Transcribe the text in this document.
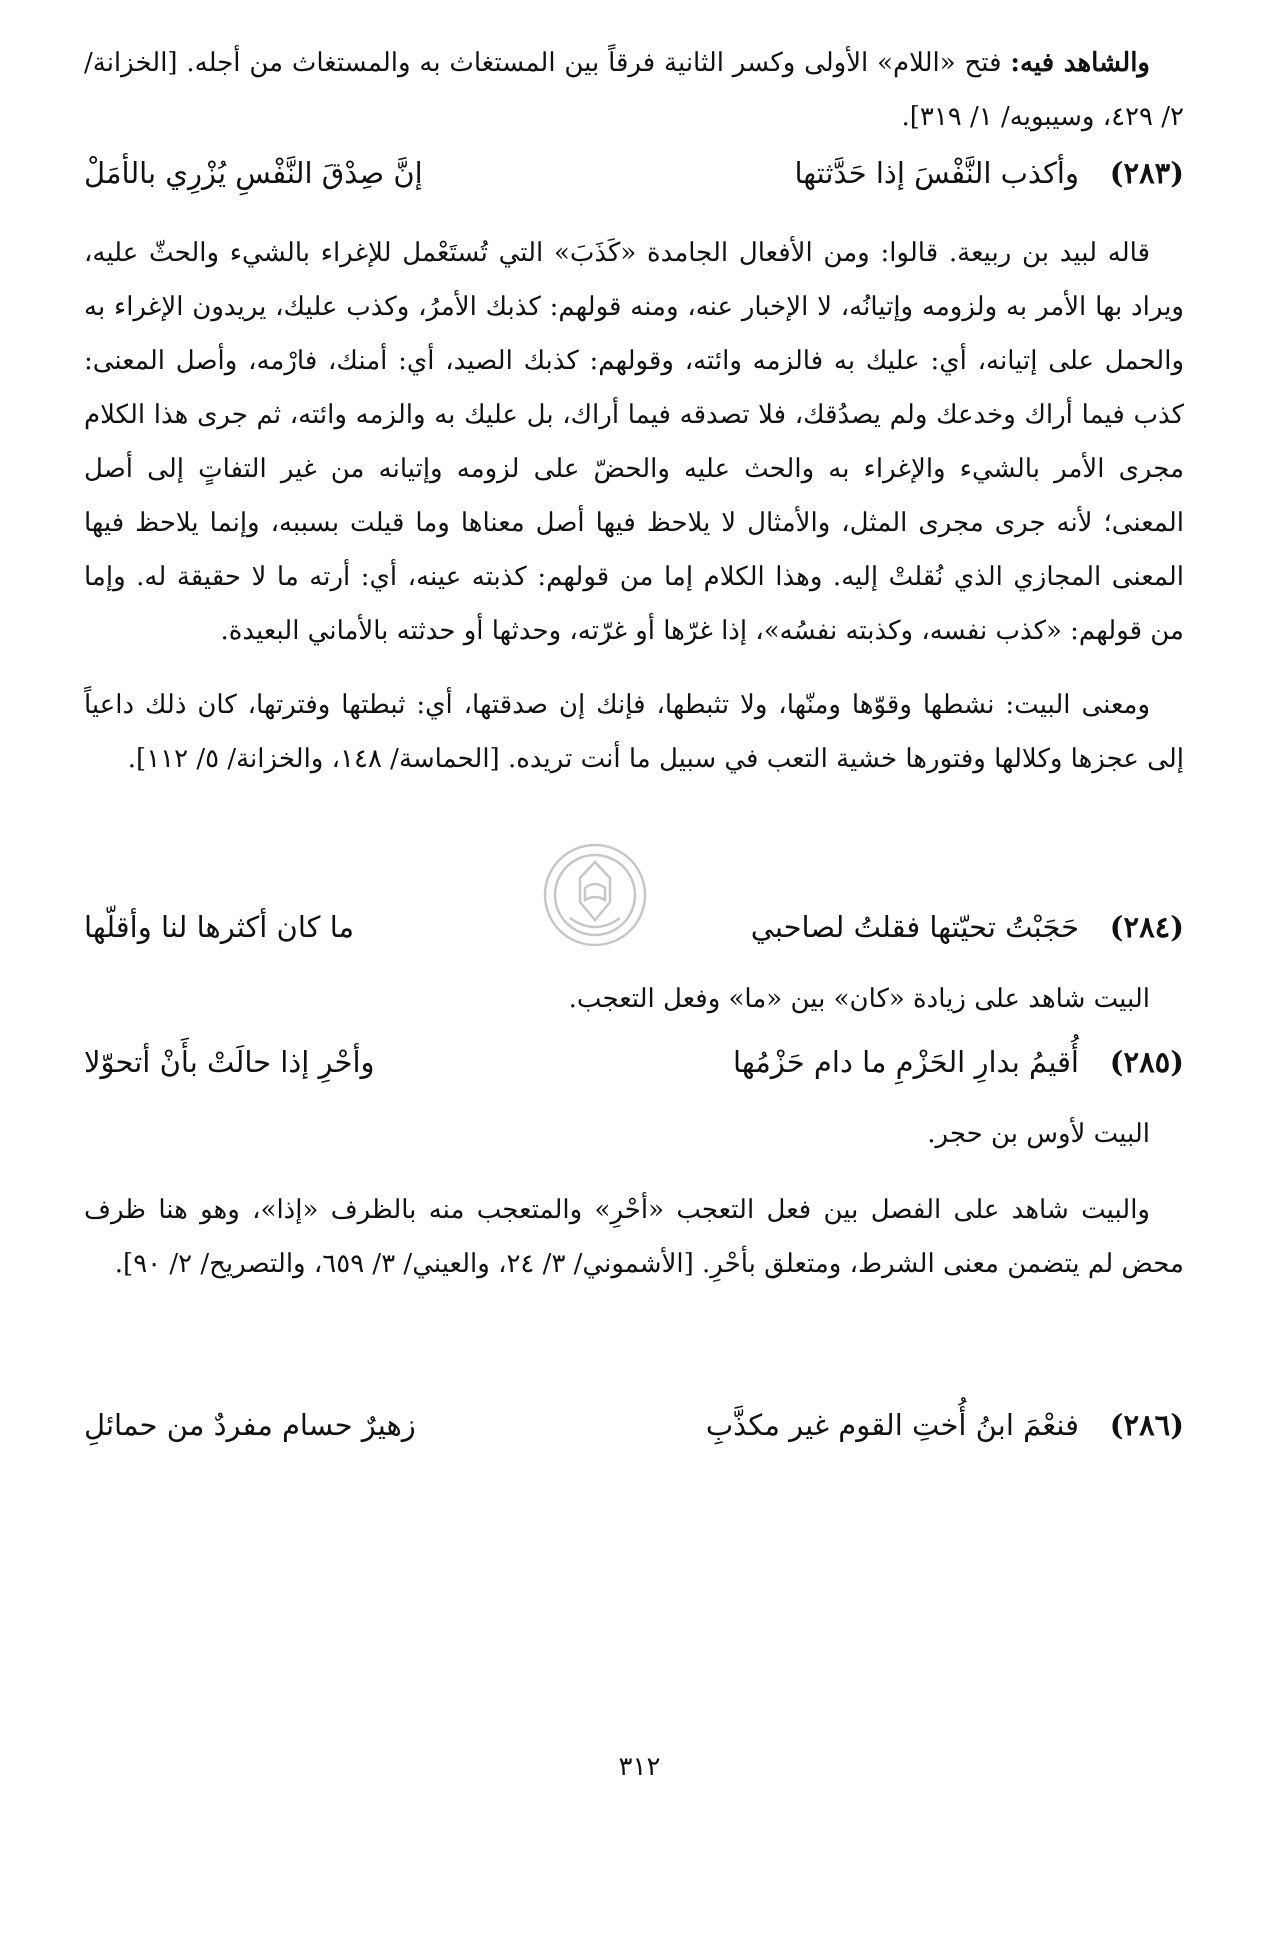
والشاهد فيه: فتح «اللام» الأولى وكسر الثانية فرقاً بين المستغاث به والمستغاث من أجله. [الخزانة/ ٢/ ٤٢٩، وسيبويه/ ١/ ٣١٩].

(٢٨٣)
وأكذب النَّفْسَ إذا حَدَّثتها
إنَّ صِدْقَ النَّفْسِ يُزْرِي بالأمَلْ

قاله لبيد بن ربيعة. قالوا: ومن الأفعال الجامدة «كَذَبَ» التي تُستَعْمل للإغراء بالشيء والحثّ عليه، ويراد بها الأمر به ولزومه وإتيانُه، لا الإخبار عنه، ومنه قولهم: كذبك الأمرُ، وكذب عليك، يريدون الإغراء به والحمل على إتيانه، أي: عليك به فالزمه وائته، وقولهم: كذبك الصيد، أي: أمنك، فارْمه، وأصل المعنى: كذب فيما أراك وخدعك ولم يصدُقك، فلا تصدقه فيما أراك، بل عليك به والزمه وائته، ثم جرى هذا الكلام مجرى الأمر بالشيء والإغراء به والحث عليه والحضّ على لزومه وإتيانه من غير التفاتٍ إلى أصل المعنى؛ لأنه جرى مجرى المثل، والأمثال لا يلاحظ فيها أصل معناها وما قيلت بسببه، وإنما يلاحظ فيها المعنى المجازي الذي نُقلتْ إليه. وهذا الكلام إما من قولهم: كذبته عينه، أي: أرته ما لا حقيقة له. وإما من قولهم: «كذب نفسه، وكذبته نفسُه»، إذا غرّها أو غرّته، وحدثها أو حدثته بالأماني البعيدة.

ومعنى البيت: نشطها وقوّها ومنّها، ولا تثبطها، فإنك إن صدقتها، أي: ثبطتها وفترتها، كان ذلك داعياً إلى عجزها وكلالها وفتورها خشية التعب في سبيل ما أنت تريده. [الحماسة/ ١٤٨، والخزانة/ ٥/ ١١٢].

(٢٨٤)
حَجَبْتُ تحيّتها فقلتُ لصاحبي
ما كان أكثرها لنا وأقلّها

البيت شاهد على زيادة «كان» بين «ما» وفعل التعجب.

(٢٨٥)
أُقيمُ بدارِ الحَزْمِ ما دام حَزْمُها
وأحْرِ إذا حالَتْ بأَنْ أتحوّلا

البيت لأوس بن حجر.

والبيت شاهد على الفصل بين فعل التعجب «أحْرِ» والمتعجب منه بالظرف «إذا»، وهو هنا ظرف محض لم يتضمن معنى الشرط، ومتعلق بأحْرِ. [الأشموني/ ٣/ ٢٤، والعيني/ ٣/ ٦٥٩، والتصريح/ ٢/ ٩٠].

(٢٨٦)
فنعْمَ ابنُ أُختِ القوم غير مكذَّبِ
زهيرٌ حسام مفردٌ من حمائلِ
٣١٢
